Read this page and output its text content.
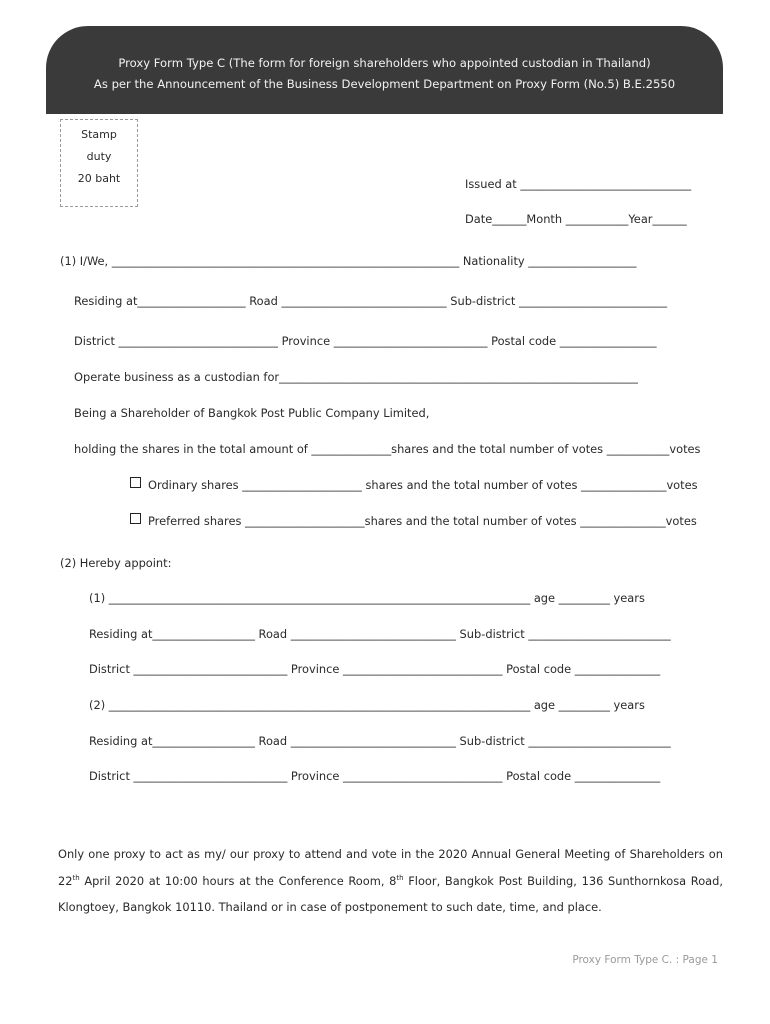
Proxy Form Type C (The form for foreign shareholders who appointed custodian in Thailand)
As per the Announcement of the Business Development Department on Proxy Form (No.5) B.E.2550
Stamp
duty
20 baht	Issued at ______________________________
Date______Month ___________Year______
(1) I/We, _____________________________________________________________ Nationality ___________________
Residing at___________________ Road _____________________________ Sub-district __________________________
District ____________________________ Province ___________________________ Postal code _________________
Operate business as a custodian for_______________________________________________________________
Being a Shareholder of Bangkok Post Public Company Limited,
holding the shares in the total amount of ______________shares and the total number of votes ___________votes
Ordinary shares _____________________ shares and the total number of votes _______________votes
Preferred shares _____________________shares and the total number of votes _______________votes
(2) Hereby appoint:
(1) __________________________________________________________________________ age _________ years
Residing at__________________ Road _____________________________ Sub-district _________________________
District ___________________________ Province ____________________________ Postal code _______________
(2) __________________________________________________________________________ age _________ years
Residing at__________________ Road _____________________________ Sub-district _________________________
District ___________________________ Province ____________________________ Postal code _______________
Only one proxy to act as my/ our proxy to attend and vote in the 2020 Annual General Meeting of Shareholders on 22th April 2020 at 10:00 hours at the Conference Room, 8th Floor, Bangkok Post Building, 136 Sunthornkosa Road, Klongtoey, Bangkok 10110. Thailand or in case of postponement to such date, time, and place.
Proxy Form Type C. : Page 1
